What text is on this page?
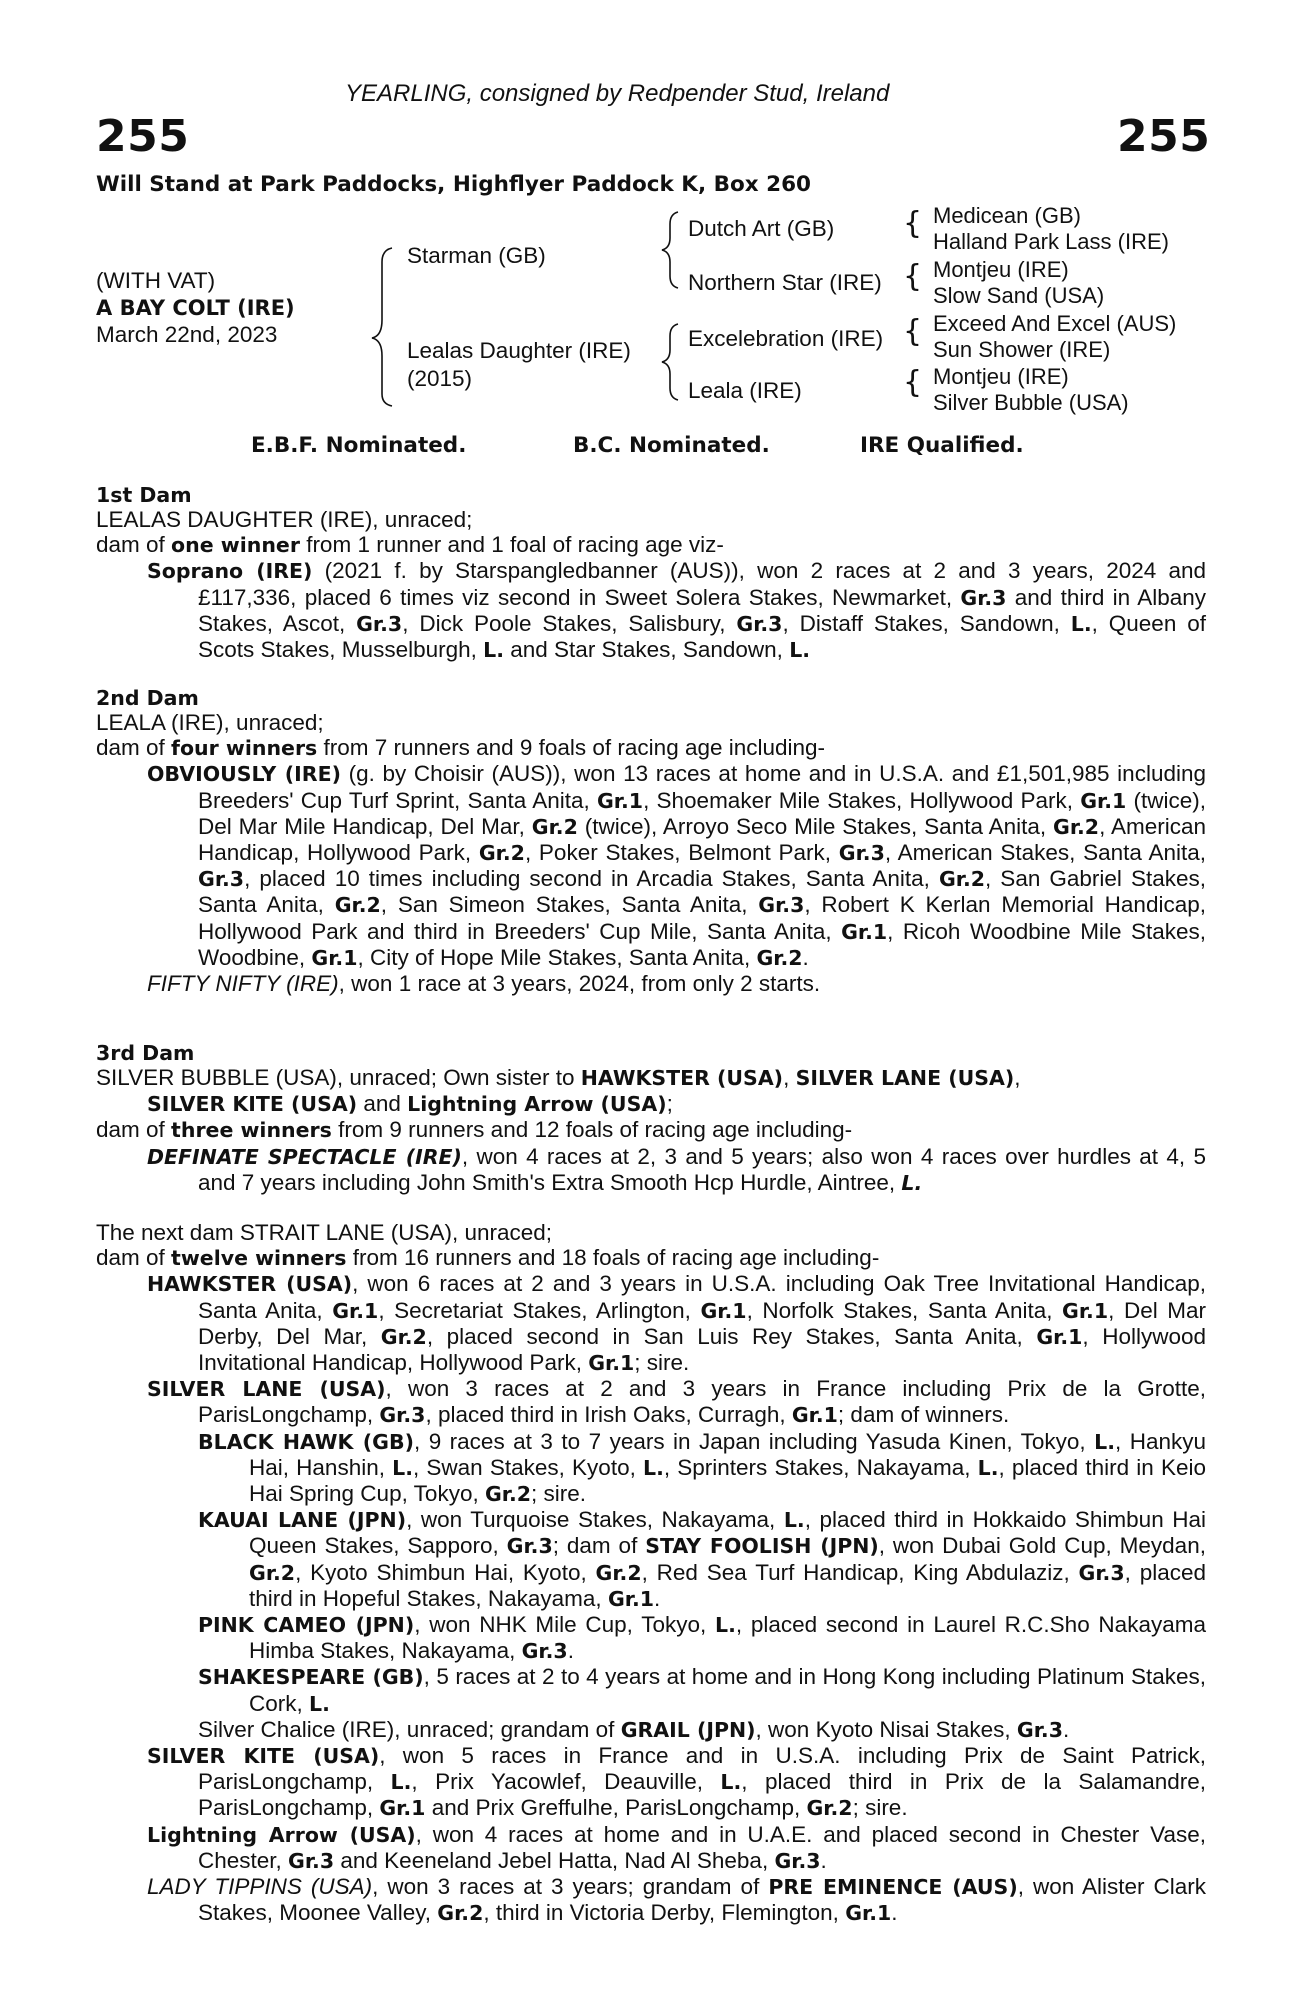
YEARLING, consigned by Redpender Stud, Ireland
255	255
Will Stand at Park Paddocks, Highflyer Paddock K, Box 260
(WITH VAT)
A BAY COLT (IRE)
March 22nd, 2023
{
{
{
{
Starman (GB)
Lealas Daughter (IRE)
(2015)
Dutch Art (GB)
Northern Star (IRE)
Excelebration (IRE)
Leala (IRE)
Medicean (GB)
Halland Park Lass (IRE)
Montjeu (IRE)
Slow Sand (USA)
Exceed And Excel (AUS)
Sun Shower (IRE)
Montjeu (IRE)
Silver Bubble (USA)
E.B.F. Nominated.	B.C. Nominated.	IRE Qualified.
1st Dam
LEALAS DAUGHTER (IRE), unraced;
dam of one winner from 1 runner and 1 foal of racing age viz-
Soprano (IRE) (2021 f. by Starspangledbanner (AUS)), won 2 races at 2 and 3 years, 2024 and £117,336, placed 6 times viz second in Sweet Solera Stakes, Newmarket, Gr.3 and third in Albany Stakes, Ascot, Gr.3, Dick Poole Stakes, Salisbury, Gr.3, Distaff Stakes, Sandown, L., Queen of Scots Stakes, Musselburgh, L. and Star Stakes, Sandown, L.
2nd Dam
LEALA (IRE), unraced;
dam of four winners from 7 runners and 9 foals of racing age including-
OBVIOUSLY (IRE) (g. by Choisir (AUS)), won 13 races at home and in U.S.A. and £1,501,985 including Breeders' Cup Turf Sprint, Santa Anita, Gr.1, Shoemaker Mile Stakes, Hollywood Park, Gr.1 (twice), Del Mar Mile Handicap, Del Mar, Gr.2 (twice), Arroyo Seco Mile Stakes, Santa Anita, Gr.2, American Handicap, Hollywood Park, Gr.2, Poker Stakes, Belmont Park, Gr.3, American Stakes, Santa Anita, Gr.3, placed 10 times including second in Arcadia Stakes, Santa Anita, Gr.2, San Gabriel Stakes, Santa Anita, Gr.2, San Simeon Stakes, Santa Anita, Gr.3, Robert K Kerlan Memorial Handicap, Hollywood Park and third in Breeders' Cup Mile, Santa Anita, Gr.1, Ricoh Woodbine Mile Stakes, Woodbine, Gr.1, City of Hope Mile Stakes, Santa Anita, Gr.2.
FIFTY NIFTY (IRE), won 1 race at 3 years, 2024, from only 2 starts.
3rd Dam
SILVER BUBBLE (USA), unraced; Own sister to HAWKSTER (USA), SILVER LANE (USA),
SILVER KITE (USA) and Lightning Arrow (USA);
dam of three winners from 9 runners and 12 foals of racing age including-
DEFINATE SPECTACLE (IRE), won 4 races at 2, 3 and 5 years; also won 4 races over hurdles at 4, 5 and 7 years including John Smith's Extra Smooth Hcp Hurdle, Aintree, L.
The next dam STRAIT LANE (USA), unraced;
dam of twelve winners from 16 runners and 18 foals of racing age including-
HAWKSTER (USA), won 6 races at 2 and 3 years in U.S.A. including Oak Tree Invitational Handicap, Santa Anita, Gr.1, Secretariat Stakes, Arlington, Gr.1, Norfolk Stakes, Santa Anita, Gr.1, Del Mar Derby, Del Mar, Gr.2, placed second in San Luis Rey Stakes, Santa Anita, Gr.1, Hollywood Invitational Handicap, Hollywood Park, Gr.1; sire.
SILVER LANE (USA), won 3 races at 2 and 3 years in France including Prix de la Grotte, ParisLongchamp, Gr.3, placed third in Irish Oaks, Curragh, Gr.1; dam of winners.
BLACK HAWK (GB), 9 races at 3 to 7 years in Japan including Yasuda Kinen, Tokyo, L., Hankyu Hai, Hanshin, L., Swan Stakes, Kyoto, L., Sprinters Stakes, Nakayama, L., placed third in Keio Hai Spring Cup, Tokyo, Gr.2; sire.
KAUAI LANE (JPN), won Turquoise Stakes, Nakayama, L., placed third in Hokkaido Shimbun Hai Queen Stakes, Sapporo, Gr.3; dam of STAY FOOLISH (JPN), won Dubai Gold Cup, Meydan, Gr.2, Kyoto Shimbun Hai, Kyoto, Gr.2, Red Sea Turf Handicap, King Abdulaziz, Gr.3, placed third in Hopeful Stakes, Nakayama, Gr.1.
PINK CAMEO (JPN), won NHK Mile Cup, Tokyo, L., placed second in Laurel R.C.Sho Nakayama Himba Stakes, Nakayama, Gr.3.
SHAKESPEARE (GB), 5 races at 2 to 4 years at home and in Hong Kong including Platinum Stakes, Cork, L.
Silver Chalice (IRE), unraced; grandam of GRAIL (JPN), won Kyoto Nisai Stakes, Gr.3.
SILVER KITE (USA), won 5 races in France and in U.S.A. including Prix de Saint Patrick, ParisLongchamp, L., Prix Yacowlef, Deauville, L., placed third in Prix de la Salamandre, ParisLongchamp, Gr.1 and Prix Greffulhe, ParisLongchamp, Gr.2; sire.
Lightning Arrow (USA), won 4 races at home and in U.A.E. and placed second in Chester Vase, Chester, Gr.3 and Keeneland Jebel Hatta, Nad Al Sheba, Gr.3.
LADY TIPPINS (USA), won 3 races at 3 years; grandam of PRE EMINENCE (AUS), won Alister Clark Stakes, Moonee Valley, Gr.2, third in Victoria Derby, Flemington, Gr.1.
